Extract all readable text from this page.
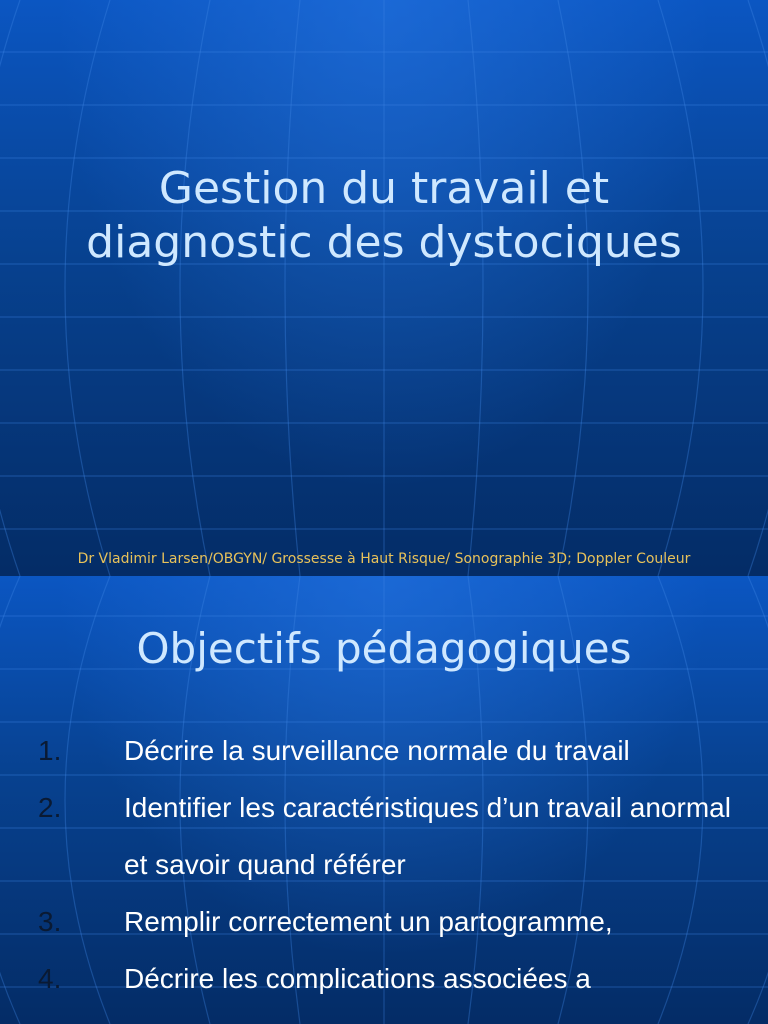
Gestion du travail et
diagnostic des dystociques
Dr Vladimir Larsen/OBGYN/ Grossesse à Haut Risque/ Sonographie 3D; Doppler Couleur
Objectifs pédagogiques
1. Décrire la surveillance normale du travail
2. Identifier les caractéristiques d’un travail anormal et savoir quand référer
3. Remplir correctement un partogramme,
4. Décrire les complications associées a
